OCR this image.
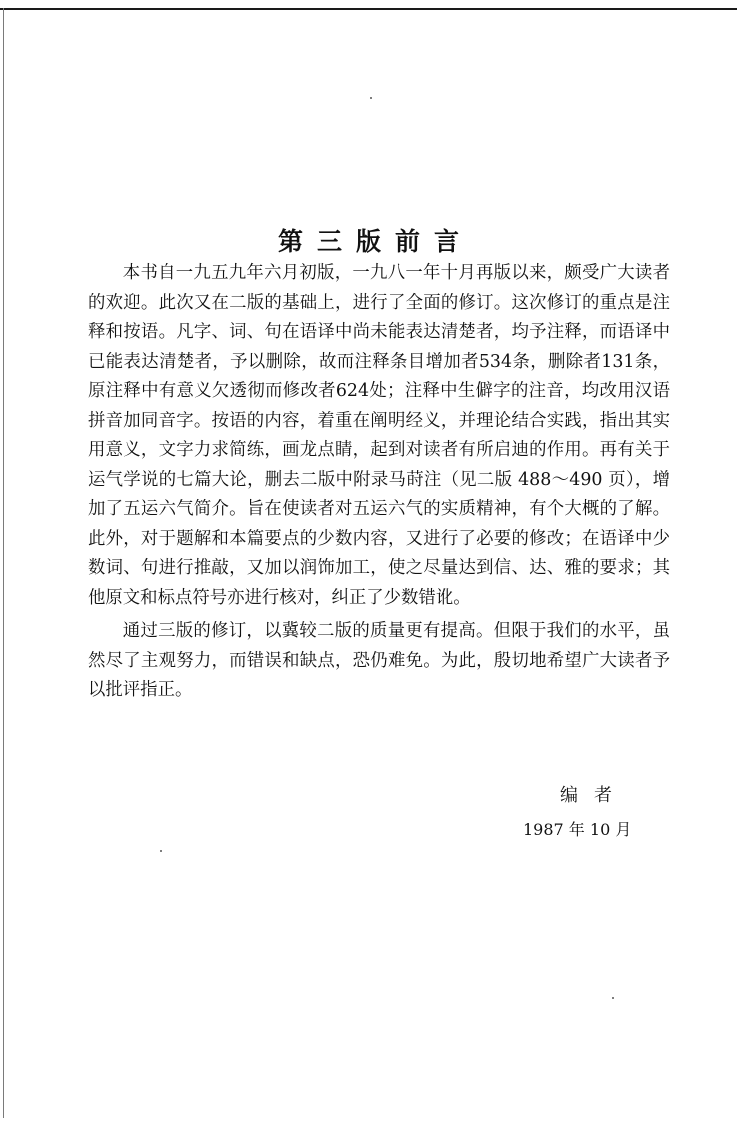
第三版前言

本书自一九五九年六月初版，一九八一年十月再版以来，颇受广大读者的欢迎。此次又在二版的基础上，进行了全面的修订。这次修订的重点是注释和按语。凡字、词、句在语译中尚未能表达清楚者，均予注释，而语译中已能表达清楚者，予以删除，故而注释条目增加者534条，删除者131条，原注释中有意义欠透彻而修改者624处；注释中生僻字的注音，均改用汉语拼音加同音字。按语的内容，着重在阐明经义，并理论结合实践，指出其实用意义，文字力求简练，画龙点睛，起到对读者有所启迪的作用。再有关于运气学说的七篇大论，删去二版中附录马莳注（见二版 488～490 页），增加了五运六气简介。旨在使读者对五运六气的实质精神，有个大概的了解。此外，对于题解和本篇要点的少数内容，又进行了必要的修改；在语译中少数词、句进行推敲，又加以润饰加工，使之尽量达到信、达、雅的要求；其他原文和标点符号亦进行核对，纠正了少数错讹。

通过三版的修订，以冀较二版的质量更有提高。但限于我们的水平，虽然尽了主观努力，而错误和缺点，恐仍难免。为此，殷切地希望广大读者予以批评指正。

编者
1987 年 10 月
